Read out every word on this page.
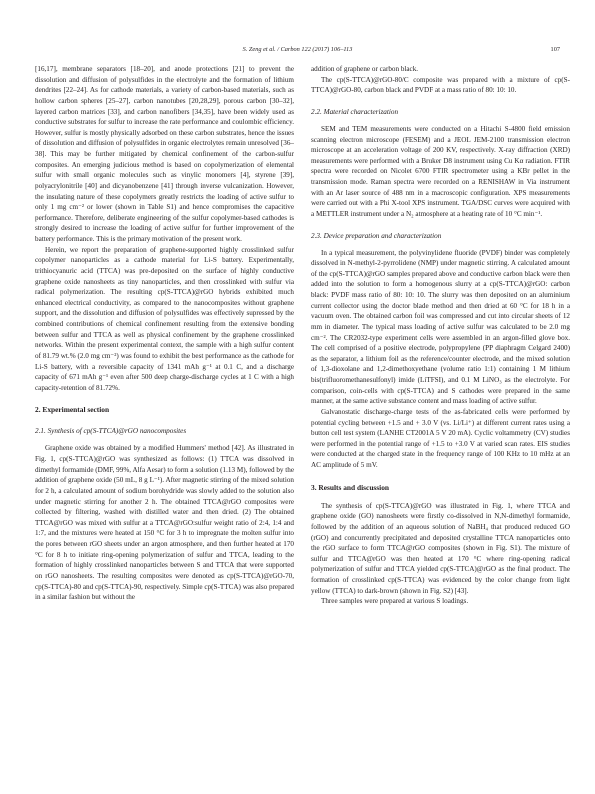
S. Zeng et al. / Carbon 122 (2017) 106–113	107

[16,17], membrane separators [18–20], and anode protections [21] to prevent the dissolution and diffusion of polysulfides in the electrolyte and the formation of lithium dendrites [22–24]. As for cathode materials, a variety of carbon-based materials, such as hollow carbon spheres [25–27], carbon nanotubes [20,28,29], porous carbon [30–32], layered carbon matrices [33], and carbon nanofibers [34,35], have been widely used as conductive substrates for sulfur to increase the rate performance and coulombic efficiency. However, sulfur is mostly physically adsorbed on these carbon substrates, hence the issues of dissolution and diffusion of polysulfides in organic electrolytes remain unresolved [36–38]. This may be further mitigated by chemical confinement of the carbon-sulfur composites. An emerging judicious method is based on copolymerization of elemental sulfur with small organic molecules such as vinylic monomers [4], styrene [39], polyacrylonitrile [40] and dicyanobenzene [41] through inverse vulcanization. However, the insulating nature of these copolymers greatly restricts the loading of active sulfur to only 1 mg cm⁻² or lower (shown in Table S1) and hence compromises the capacitive performance. Therefore, deliberate engineering of the sulfur copolymer-based cathodes is strongly desired to increase the loading of active sulfur for further improvement of the battery performance. This is the primary motivation of the present work.

Herein, we report the preparation of graphene-supported highly crosslinked sulfur copolymer nanoparticles as a cathode material for Li-S battery. Experimentally, trithiocyanuric acid (TTCA) was pre-deposited on the surface of highly conductive graphene oxide nanosheets as tiny nanoparticles, and then crosslinked with sulfur via radical polymerization. The resulting cp(S-TTCA)@rGO hybrids exhibited much enhanced electrical conductivity, as compared to the nanocomposites without graphene support, and the dissolution and diffusion of polysulfides was effectively supressed by the combined contributions of chemical confinement resulting from the extensive bonding between sulfur and TTCA as well as physical confinement by the graphene crosslinked networks. Within the present experimental context, the sample with a high sulfur content of 81.79 wt.% (2.0 mg cm⁻²) was found to exhibit the best performance as the cathode for Li-S battery, with a reversible capacity of 1341 mAh g⁻¹ at 0.1 C, and a discharge capacity of 671 mAh g⁻¹ even after 500 deep charge-discharge cycles at 1 C with a high capacity-retention of 81.72%.

2. Experimental section
2.1. Synthesis of cp(S-TTCA)@rGO nanocomposites

Graphene oxide was obtained by a modified Hummers' method [42]. As illustrated in Fig. 1, cp(S-TTCA)@rGO was synthesized as follows: (1) TTCA was dissolved in dimethyl formamide (DMF, 99%, Alfa Aesar) to form a solution (1.13 M), followed by the addition of graphene oxide (50 mL, 8 g L⁻¹). After magnetic stirring of the mixed solution for 2 h, a calculated amount of sodium borohydride was slowly added to the solution also under magnetic stirring for another 2 h. The obtained TTCA@rGO composites were collected by filtering, washed with distilled water and then dried. (2) The obtained TTCA@rGO was mixed with sulfur at a TTCA@rGO:sulfur weight ratio of 2:4, 1:4 and 1:7, and the mixtures were heated at 150 °C for 3 h to impregnate the molten sulfur into the pores between rGO sheets under an argon atmosphere, and then further heated at 170 °C for 8 h to initiate ring-opening polymerization of sulfur and TTCA, leading to the formation of highly crosslinked nanoparticles between S and TTCA that were supported on rGO nanosheets. The resulting composites were denoted as cp(S-TTCA)@rGO-70, cp(S-TTCA)-80 and cp(S-TTCA)-90, respectively. Simple cp(S-TTCA) was also prepared in a similar fashion but without the

addition of graphene or carbon black.

The cp(S-TTCA)@rGO-80/C composite was prepared with a mixture of cp(S-TTCA)@rGO-80, carbon black and PVDF at a mass ratio of 80: 10: 10.

2.2. Material characterization

SEM and TEM measurements were conducted on a Hitachi S-4800 field emission scanning electron microscope (FESEM) and a JEOL JEM-2100 transmission electron microscope at an acceleration voltage of 200 KV, respectively. X-ray diffraction (XRD) measurements were performed with a Bruker D8 instrument using Cu Kα radiation. FTIR spectra were recorded on Nicolet 6700 FTIR spectrometer using a KBr pellet in the transmission mode. Raman spectra were recorded on a RENISHAW in Via instrument with an Ar laser source of 488 nm in a macroscopic configuration. XPS measurements were carried out with a Phi X-tool XPS instrument. TGA/DSC curves were acquired with a METTLER instrument under a N₂ atmosphere at a heating rate of 10 °C min⁻¹.

2.3. Device preparation and characterization

In a typical measurement, the polyvinylidene fluoride (PVDF) binder was completely dissolved in N-methyl-2-pyrrolidene (NMP) under magnetic stirring. A calculated amount of the cp(S-TTCA)@rGO samples prepared above and conductive carbon black were then added into the solution to form a homogenous slurry at a cp(S-TTCA)@rGO: carbon black: PVDF mass ratio of 80: 10: 10. The slurry was then deposited on an aluminium current collector using the doctor blade method and then dried at 60 °C for 18 h in a vacuum oven. The obtained carbon foil was compressed and cut into circular sheets of 12 mm in diameter. The typical mass loading of active sulfur was calculated to be 2.0 mg cm⁻². The CR2032-type experiment cells were assembled in an argon-filled glove box. The cell comprised of a positive electrode, polypropylene (PP diaphragm Celgard 2400) as the separator, a lithium foil as the reference/counter electrode, and the mixed solution of 1,3-dioxolane and 1,2-dimethoxyethane (volume ratio 1:1) containing 1 M lithium bis(trifluoromethanesulfonyl) imide (LiTFSI), and 0.1 M LiNO₃ as the electrolyte. For comparison, coin-cells with cp(S-TTCA) and S cathodes were prepared in the same manner, at the same active substance content and mass loading of active sulfur.

Galvanostatic discharge-charge tests of the as-fabricated cells were performed by potential cycling between +1.5 and + 3.0 V (vs. Li/Li⁺) at different current rates using a button cell test system (LANHE CT2001A 5 V 20 mA). Cyclic voltammetry (CV) studies were performed in the potential range of +1.5 to +3.0 V at varied scan rates. EIS studies were conducted at the charged state in the frequency range of 100 KHz to 10 mHz at an AC amplitude of 5 mV.

3. Results and discussion

The synthesis of cp(S-TTCA)@rGO was illustrated in Fig. 1, where TTCA and graphene oxide (GO) nanosheets were firstly co-dissolved in N,N-dimethyl formamide, followed by the addition of an aqueous solution of NaBH₄ that produced reduced GO (rGO) and concurrently precipitated and deposited crystalline TTCA nanoparticles onto the rGO surface to form TTCA@rGO composites (shown in Fig. S1). The mixture of sulfur and TTCA@rGO was then heated at 170 °C where ring-opening radical polymerization of sulfur and TTCA yielded cp(S-TTCA)@rGO as the final product. The formation of crosslinked cp(S-TTCA) was evidenced by the color change from light yellow (TTCA) to dark-brown (shown in Fig. S2) [43].

Three samples were prepared at various S loadings.
